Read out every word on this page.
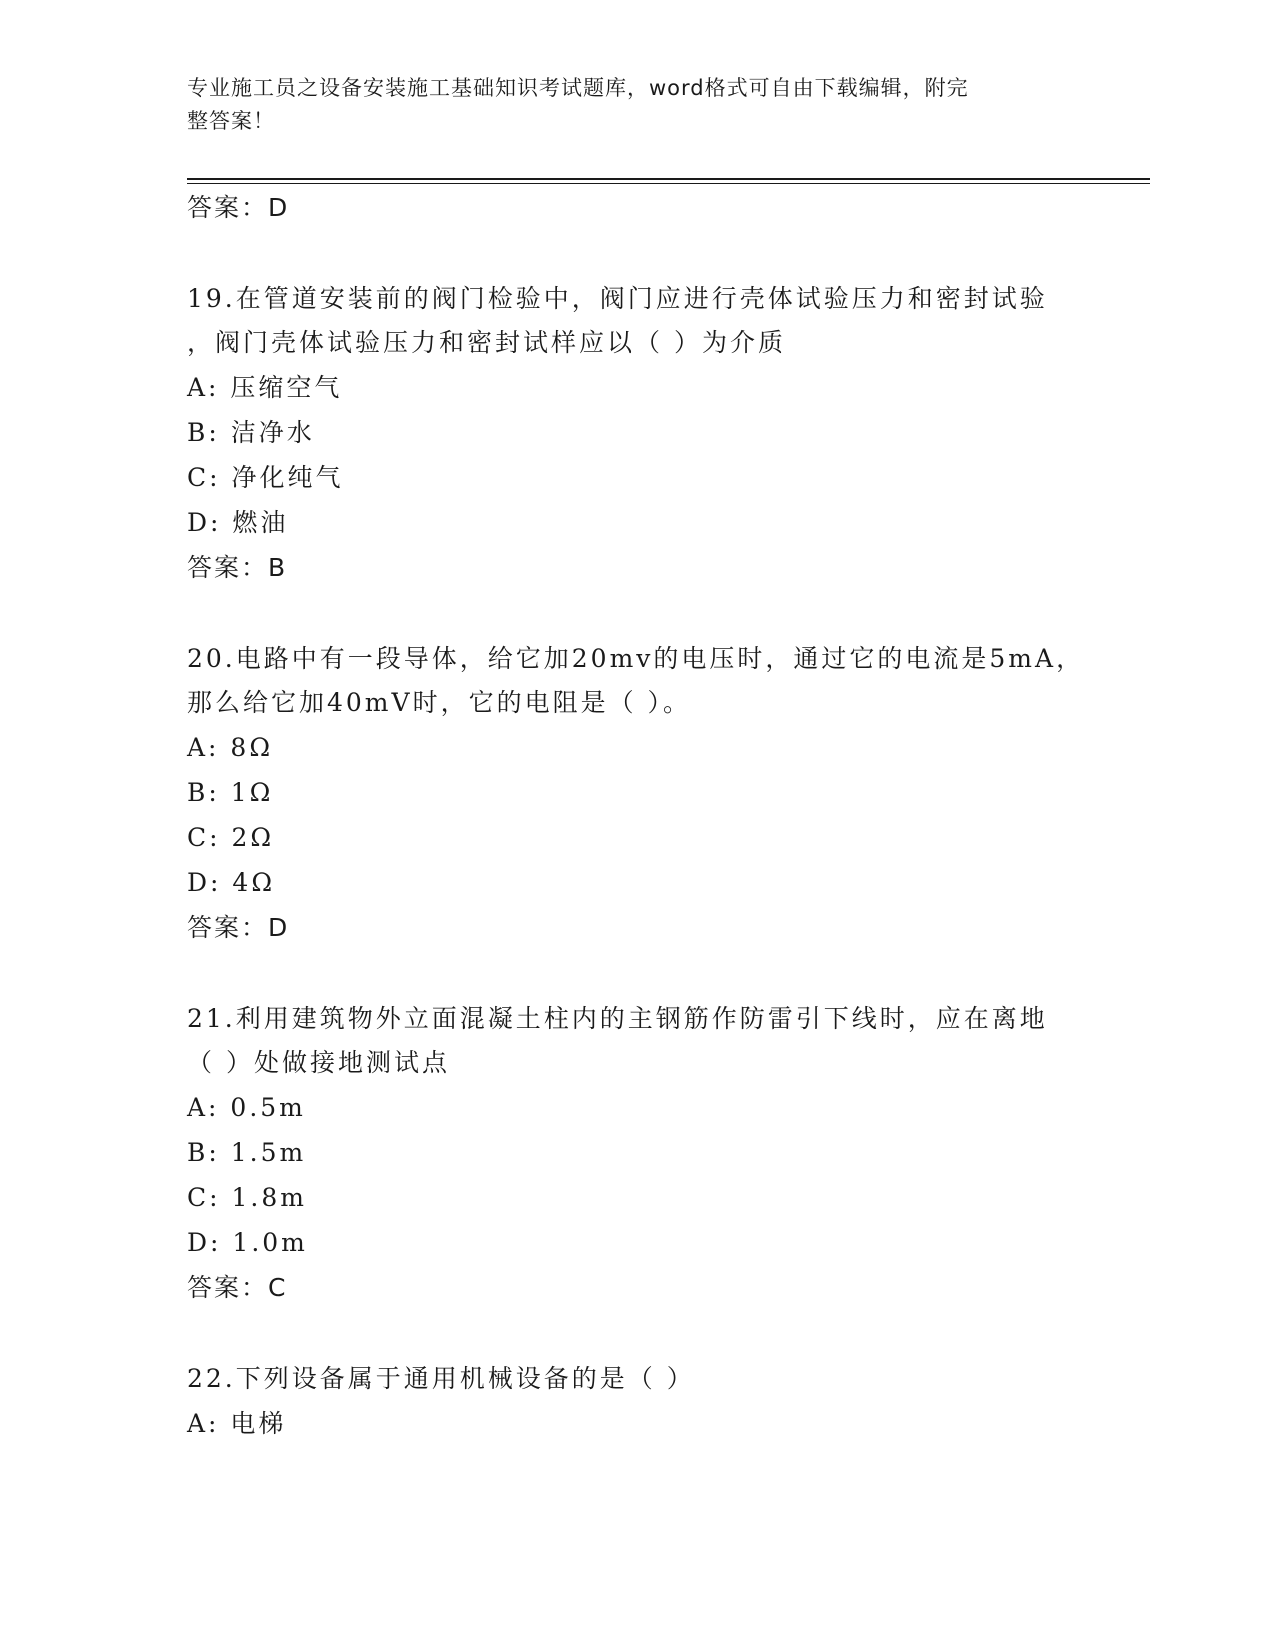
专业施工员之设备安装施工基础知识考试题库，word格式可自由下载编辑，附完
整答案！
答案：D
19.在管道安装前的阀门检验中，阀门应进行壳体试验压力和密封试验
，阀门壳体试验压力和密封试样应以（ ）为介质
A: 压缩空气
B: 洁净水
C: 净化纯气
D: 燃油
答案：B
20.电路中有一段导体，给它加20mv的电压时，通过它的电流是5mA，
那么给它加40mV时，它的电阻是（ ）。
A: 8Ω
B: 1Ω
C: 2Ω
D: 4Ω
答案：D
21.利用建筑物外立面混凝土柱内的主钢筋作防雷引下线时，应在离地
（ ）处做接地测试点
A: 0.5m
B: 1.5m
C: 1.8m
D: 1.0m
答案：C
22.下列设备属于通用机械设备的是（ ）
A: 电梯
